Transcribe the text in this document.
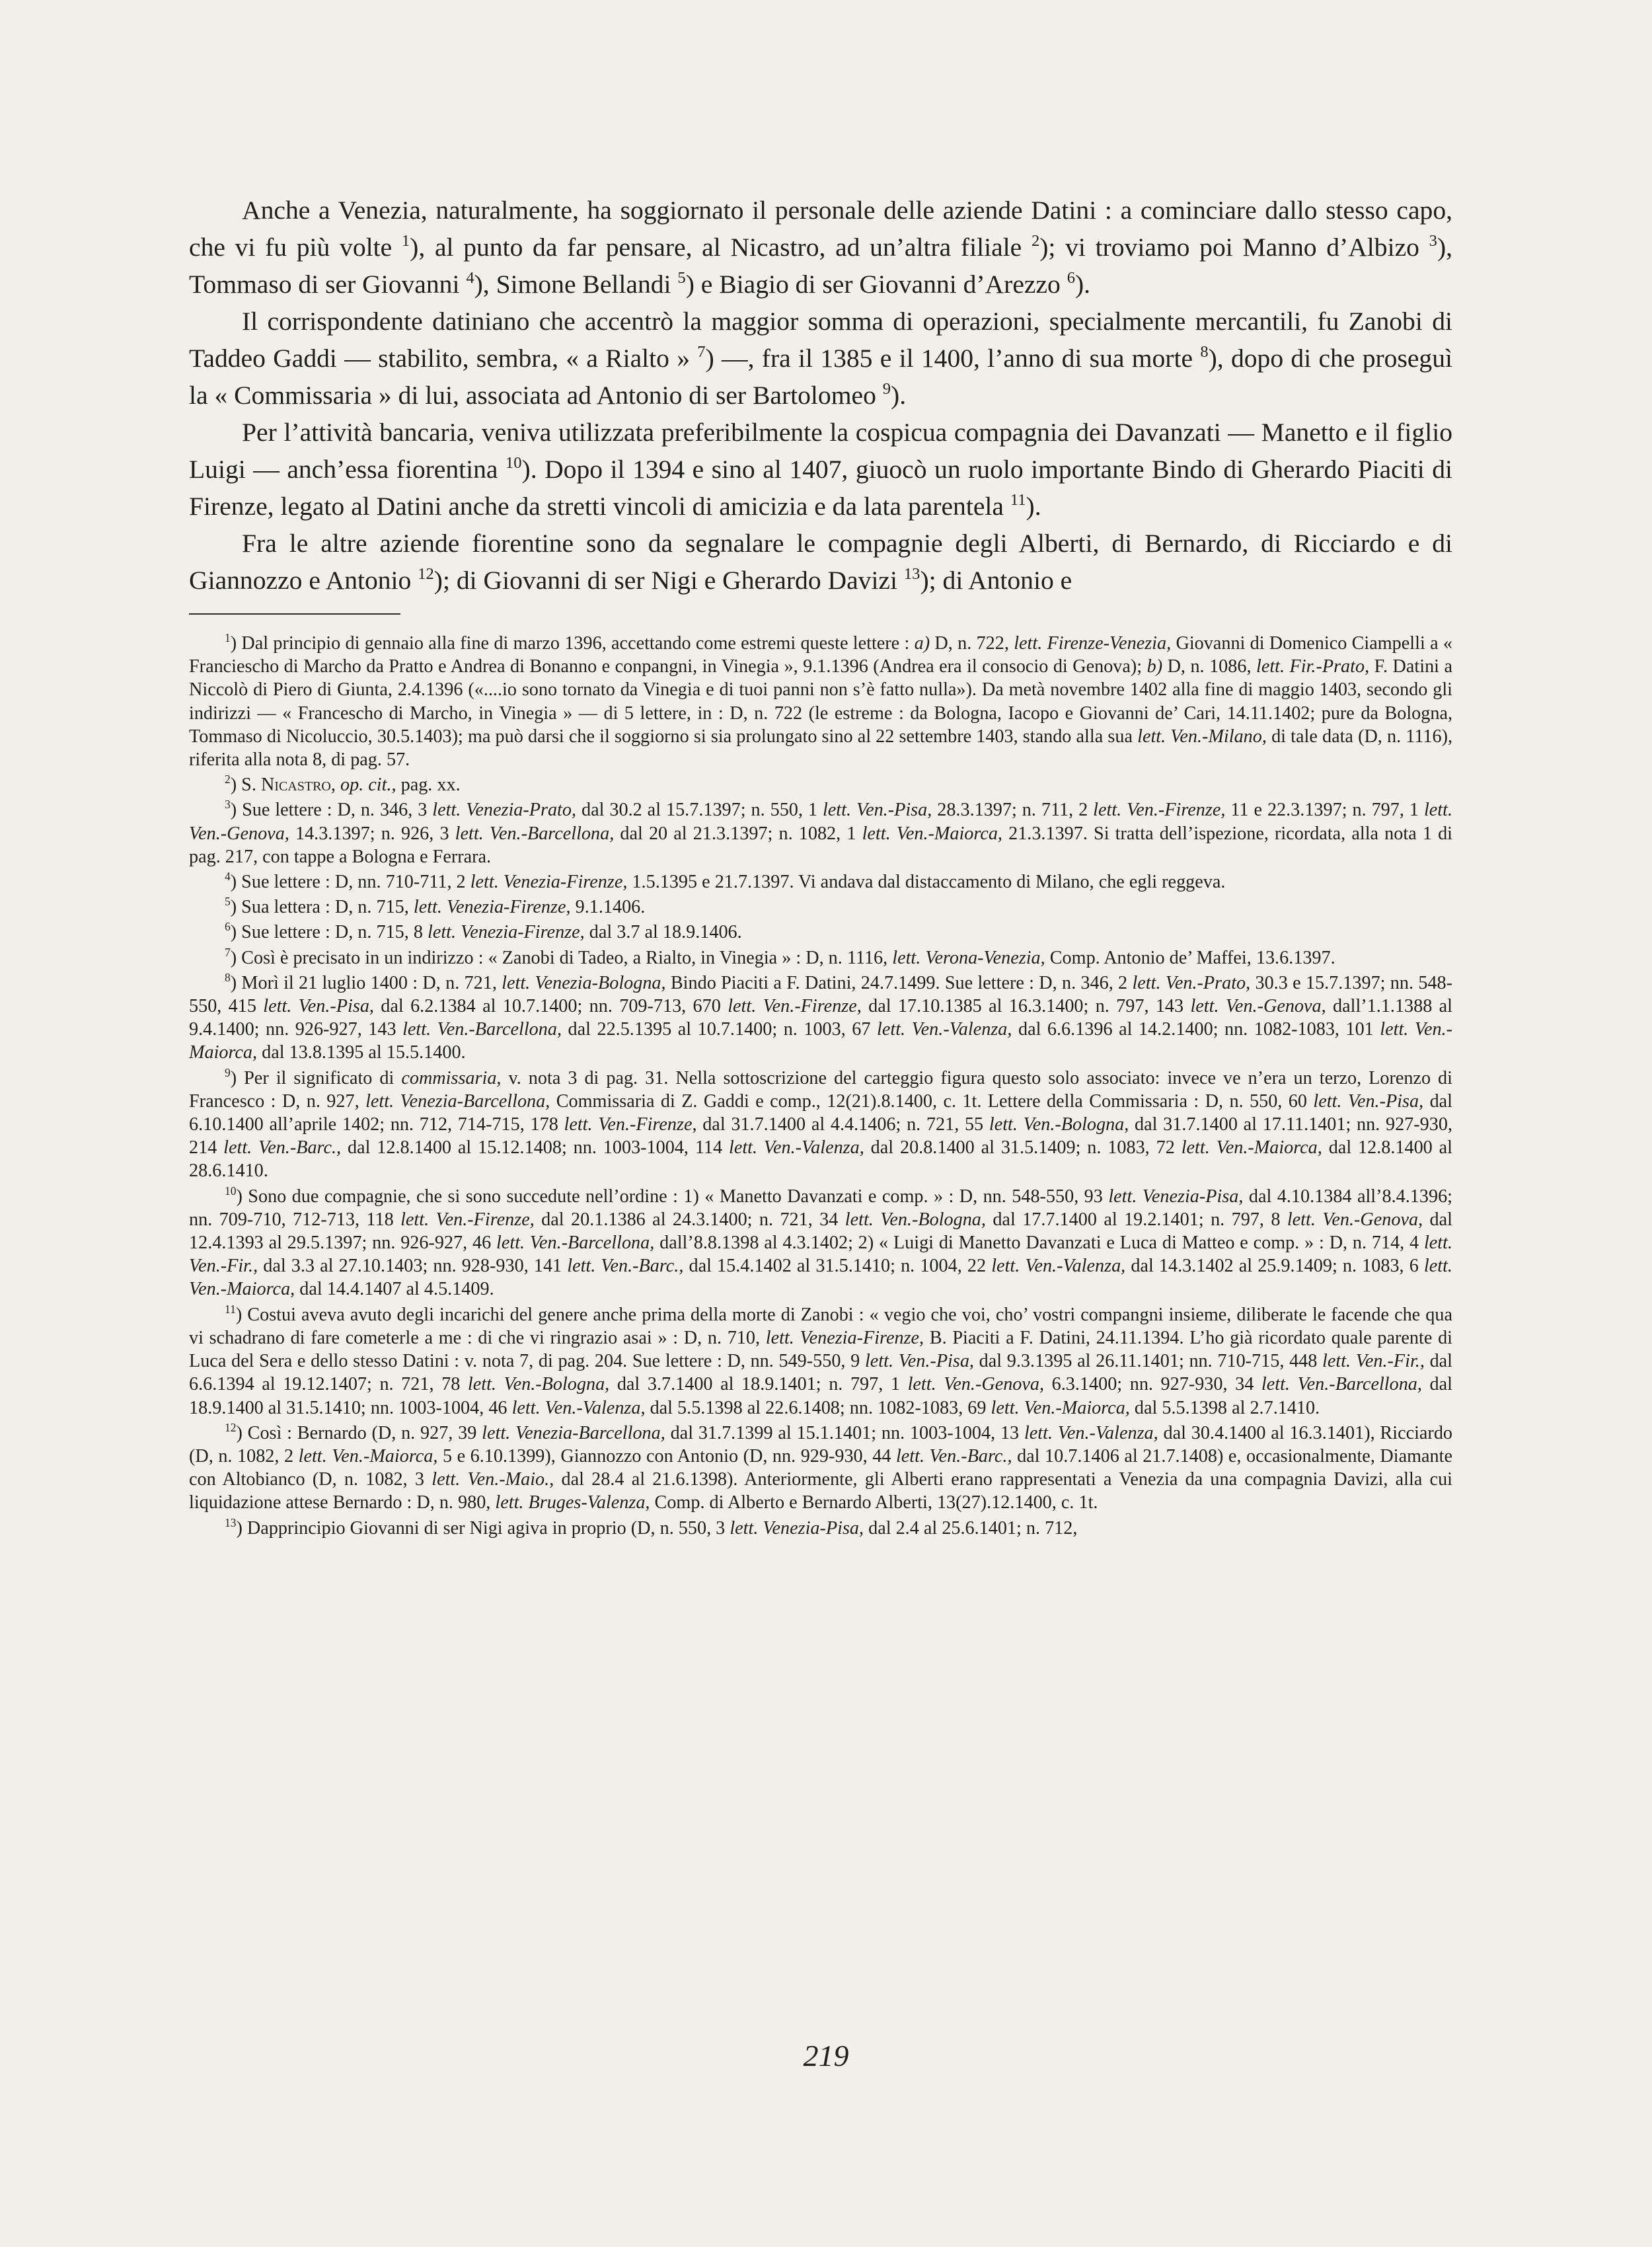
Anche a Venezia, naturalmente, ha soggiornato il personale delle aziende Datini : a cominciare dallo stesso capo, che vi fu più volte $^1$), al punto da far pensare, al Nicastro, ad un’altra filiale $^2$); vi troviamo poi Manno d’Albizo $^3$), Tommaso di ser Giovanni $^4$), Simone Bellandi $^5$) e Biagio di ser Giovanni d’Arezzo $^6$).

Il corrispondente datiniano che accentrò la maggior somma di operazioni, specialmente mercantili, fu Zanobi di Taddeo Gaddi — stabilito, sembra, « a Rialto » $^7$) —, fra il 1385 e il 1400, l’anno di sua morte $^8$), dopo di che proseguì la « Commissaria » di lui, associata ad Antonio di ser Bartolomeo $^9$).

Per l’attività bancaria, veniva utilizzata preferibilmente la cospicua compagnia dei Davanzati — Manetto e il figlio Luigi — anch’essa fiorentina $^{10}$). Dopo il 1394 e sino al 1407, giuocò un ruolo importante Bindo di Gherardo Piaciti di Firenze, legato al Datini anche da stretti vincoli di amicizia e da lata parentela $^{11}$).

Fra le altre aziende fiorentine sono da segnalare le compagnie degli Alberti, di Bernardo, di Ricciardo e di Giannozzo e Antonio $^{12}$); di Giovanni di ser Nigi e Gherardo Davizi $^{13}$); di Antonio e

$^1$) Dal principio di gennaio alla fine di marzo 1396, accettando come estremi queste lettere : a) D, n. 722, lett. Firenze-Venezia, Giovanni di Domenico Ciampelli a « Franciescho di Marcho da Pratto e Andrea di Bonanno e conpangni, in Vinegia », 9.1.1396 (Andrea era il consocio di Genova); b) D, n. 1086, lett. Fir.-Prato, F. Datini a Niccolò di Piero di Giunta, 2.4.1396 («....io sono tornato da Vinegia e di tuoi panni non s’è fatto nulla»). Da metà novembre 1402 alla fine di maggio 1403, secondo gli indirizzi — « Francescho di Marcho, in Vinegia » — di 5 lettere, in : D, n. 722 (le estreme : da Bologna, Iacopo e Giovanni de’ Cari, 14.11.1402; pure da Bologna, Tommaso di Nicoluccio, 30.5.1403); ma può darsi che il soggiorno si sia prolungato sino al 22 settembre 1403, stando alla sua lett. Ven.-Milano, di tale data (D, n. 1116), riferita alla nota 8, di pag. 57.

$^2$) S. Nicastro, op. cit., pag. xx.

$^3$) Sue lettere : D, n. 346, 3 lett. Venezia-Prato, dal 30.2 al 15.7.1397; n. 550, 1 lett. Ven.-Pisa, 28.3.1397; n. 711, 2 lett. Ven.-Firenze, 11 e 22.3.1397; n. 797, 1 lett. Ven.-Genova, 14.3.1397; n. 926, 3 lett. Ven.-Barcellona, dal 20 al 21.3.1397; n. 1082, 1 lett. Ven.-Maiorca, 21.3.1397. Si tratta dell’ispezione, ricordata, alla nota 1 di pag. 217, con tappe a Bologna e Ferrara.

$^4$) Sue lettere : D, nn. 710-711, 2 lett. Venezia-Firenze, 1.5.1395 e 21.7.1397. Vi andava dal distaccamento di Milano, che egli reggeva.

$^5$) Sua lettera : D, n. 715, lett. Venezia-Firenze, 9.1.1406.

$^6$) Sue lettere : D, n. 715, 8 lett. Venezia-Firenze, dal 3.7 al 18.9.1406.

$^7$) Così è precisato in un indirizzo : « Zanobi di Tadeo, a Rialto, in Vinegia » : D, n. 1116, lett. Verona-Venezia, Comp. Antonio de’ Maffei, 13.6.1397.

$^8$) Morì il 21 luglio 1400 : D, n. 721, lett. Venezia-Bologna, Bindo Piaciti a F. Datini, 24.7.1499. Sue lettere : D, n. 346, 2 lett. Ven.-Prato, 30.3 e 15.7.1397; nn. 548-550, 415 lett. Ven.-Pisa, dal 6.2.1384 al 10.7.1400; nn. 709-713, 670 lett. Ven.-Firenze, dal 17.10.1385 al 16.3.1400; n. 797, 143 lett. Ven.-Genova, dall’1.1.1388 al 9.4.1400; nn. 926-927, 143 lett. Ven.-Barcellona, dal 22.5.1395 al 10.7.1400; n. 1003, 67 lett. Ven.-Valenza, dal 6.6.1396 al 14.2.1400; nn. 1082-1083, 101 lett. Ven.-Maiorca, dal 13.8.1395 al 15.5.1400.

$^9$) Per il significato di commissaria, v. nota 3 di pag. 31. Nella sottoscrizione del carteggio figura questo solo associato: invece ve n’era un terzo, Lorenzo di Francesco : D, n. 927, lett. Venezia-Barcellona, Commissaria di Z. Gaddi e comp., 12(21).8.1400, c. 1t. Lettere della Commissaria : D, n. 550, 60 lett. Ven.-Pisa, dal 6.10.1400 all’aprile 1402; nn. 712, 714-715, 178 lett. Ven.-Firenze, dal 31.7.1400 al 4.4.1406; n. 721, 55 lett. Ven.-Bologna, dal 31.7.1400 al 17.11.1401; nn. 927-930, 214 lett. Ven.-Barc., dal 12.8.1400 al 15.12.1408; nn. 1003-1004, 114 lett. Ven.-Valenza, dal 20.8.1400 al 31.5.1409; n. 1083, 72 lett. Ven.-Maiorca, dal 12.8.1400 al 28.6.1410.

$^{10}$) Sono due compagnie, che si sono succedute nell’ordine : 1) « Manetto Davanzati e comp. » : D, nn. 548-550, 93 lett. Venezia-Pisa, dal 4.10.1384 all’8.4.1396; nn. 709-710, 712-713, 118 lett. Ven.-Firenze, dal 20.1.1386 al 24.3.1400; n. 721, 34 lett. Ven.-Bologna, dal 17.7.1400 al 19.2.1401; n. 797, 8 lett. Ven.-Genova, dal 12.4.1393 al 29.5.1397; nn. 926-927, 46 lett. Ven.-Barcellona, dall’8.8.1398 al 4.3.1402; 2) « Luigi di Manetto Davanzati e Luca di Matteo e comp. » : D, n. 714, 4 lett. Ven.-Fir., dal 3.3 al 27.10.1403; nn. 928-930, 141 lett. Ven.-Barc., dal 15.4.1402 al 31.5.1410; n. 1004, 22 lett. Ven.-Valenza, dal 14.3.1402 al 25.9.1409; n. 1083, 6 lett. Ven.-Maiorca, dal 14.4.1407 al 4.5.1409.

$^{11}$) Costui aveva avuto degli incarichi del genere anche prima della morte di Zanobi : « vegio che voi, cho’ vostri compangni insieme, diliberate le facende che qua vi schadrano di fare cometerle a me : di che vi ringrazio asai » : D, n. 710, lett. Venezia-Firenze, B. Piaciti a F. Datini, 24.11.1394. L’ho già ricordato quale parente di Luca del Sera e dello stesso Datini : v. nota 7, di pag. 204. Sue lettere : D, nn. 549-550, 9 lett. Ven.-Pisa, dal 9.3.1395 al 26.11.1401; nn. 710-715, 448 lett. Ven.-Fir., dal 6.6.1394 al 19.12.1407; n. 721, 78 lett. Ven.-Bologna, dal 3.7.1400 al 18.9.1401; n. 797, 1 lett. Ven.-Genova, 6.3.1400; nn. 927-930, 34 lett. Ven.-Barcellona, dal 18.9.1400 al 31.5.1410; nn. 1003-1004, 46 lett. Ven.-Valenza, dal 5.5.1398 al 22.6.1408; nn. 1082-1083, 69 lett. Ven.-Maiorca, dal 5.5.1398 al 2.7.1410.

$^{12}$) Così : Bernardo (D, n. 927, 39 lett. Venezia-Barcellona, dal 31.7.1399 al 15.1.1401; nn. 1003-1004, 13 lett. Ven.-Valenza, dal 30.4.1400 al 16.3.1401), Ricciardo (D, n. 1082, 2 lett. Ven.-Maiorca, 5 e 6.10.1399), Giannozzo con Antonio (D, nn. 929-930, 44 lett. Ven.-Barc., dal 10.7.1406 al 21.7.1408) e, occasionalmente, Diamante con Altobianco (D, n. 1082, 3 lett. Ven.-Maio., dal 28.4 al 21.6.1398). Anteriormente, gli Alberti erano rappresentati a Venezia da una compagnia Davizi, alla cui liquidazione attese Bernardo : D, n. 980, lett. Bruges-Valenza, Comp. di Alberto e Bernardo Alberti, 13(27).12.1400, c. 1t.

$^{13}$) Dapprincipio Giovanni di ser Nigi agiva in proprio (D, n. 550, 3 lett. Venezia-Pisa, dal 2.4 al 25.6.1401; n. 712,

219
